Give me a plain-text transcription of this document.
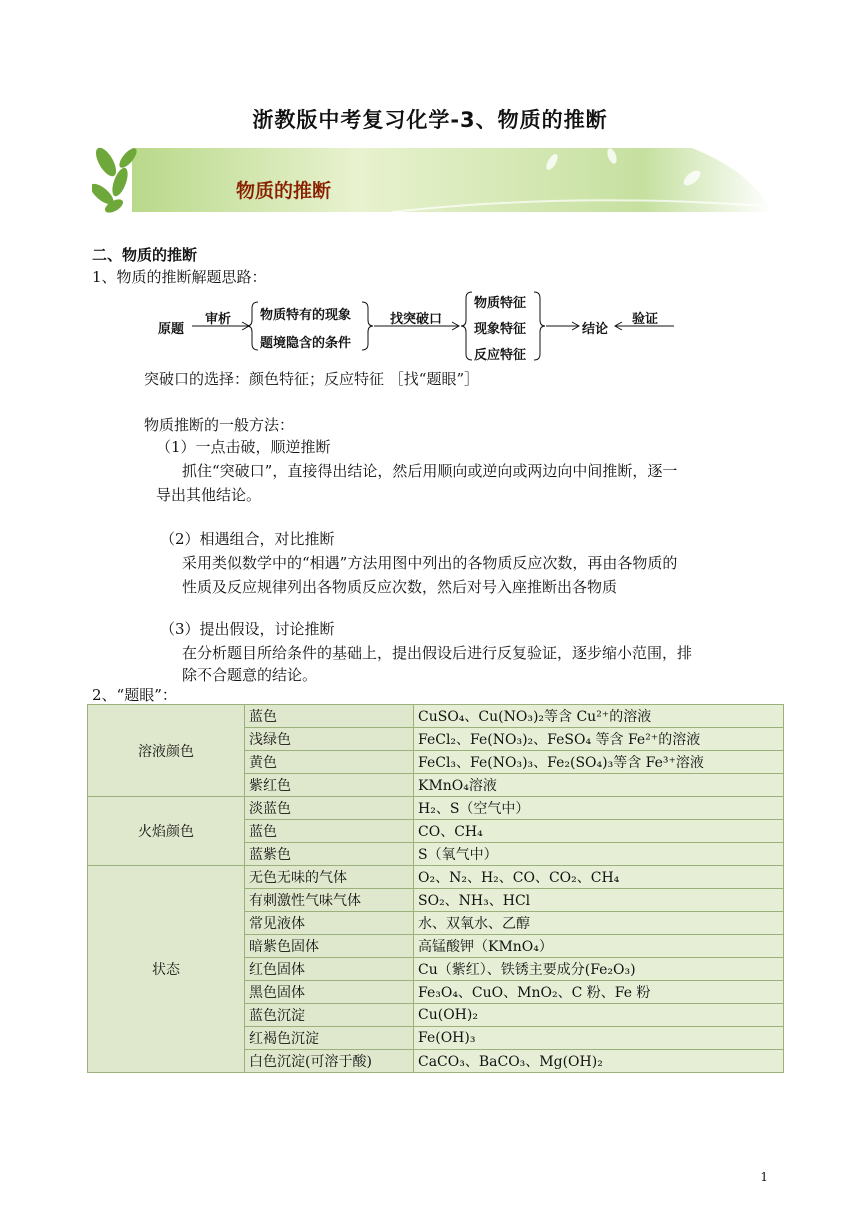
浙教版中考复习化学-3、物质的推断
物质的推断
二、物质的推断
1、物质的推断解题思路：
原题
审析 物质特有的现象
题境隐含的条件
找突破口
物质特征
现象特征
反应特征
结论
验证
突破口的选择：颜色特征；反应特征 ［找“题眼”］
物质推断的一般方法：
（1）一点击破，顺逆推断
抓住“突破口”，直接得出结论，然后用顺向或逆向或两边向中间推断，逐一
导出其他结论。
（2）相遇组合，对比推断
采用类似数学中的“相遇”方法用图中列出的各物质反应次数，再由各物质的
性质及反应规律列出各物质反应次数，然后对号入座推断出各物质
（3）提出假设，讨论推断
在分析题目所给条件的基础上，提出假设后进行反复验证，逐步缩小范围，排
除不合题意的结论。
2、“题眼”：
溶液颜色	蓝色	CuSO₄、Cu(NO₃)₂等含 Cu²⁺的溶液
	浅绿色	FeCl₂、Fe(NO₃)₂、FeSO₄ 等含 Fe²⁺的溶液
	黄色	FeCl₃、Fe(NO₃)₃、Fe₂(SO₄)₃等含 Fe³⁺溶液
	紫红色	KMnO₄溶液
火焰颜色	淡蓝色	H₂、S（空气中）
	蓝色	CO、CH₄
	蓝紫色	S（氧气中）
状态	无色无味的气体	O₂、N₂、H₂、CO、CO₂、CH₄
	有刺激性气味气体	SO₂、NH₃、HCl
	常见液体	水、双氧水、乙醇
	暗紫色固体	高锰酸钾（KMnO₄）
	红色固体	Cu（紫红）、铁锈主要成分(Fe₂O₃)
	黑色固体	Fe₃O₄、CuO、MnO₂、C 粉、Fe 粉
	蓝色沉淀	Cu(OH)₂
	红褐色沉淀	Fe(OH)₃
	白色沉淀(可溶于酸)	CaCO₃、BaCO₃、Mg(OH)₂
1
